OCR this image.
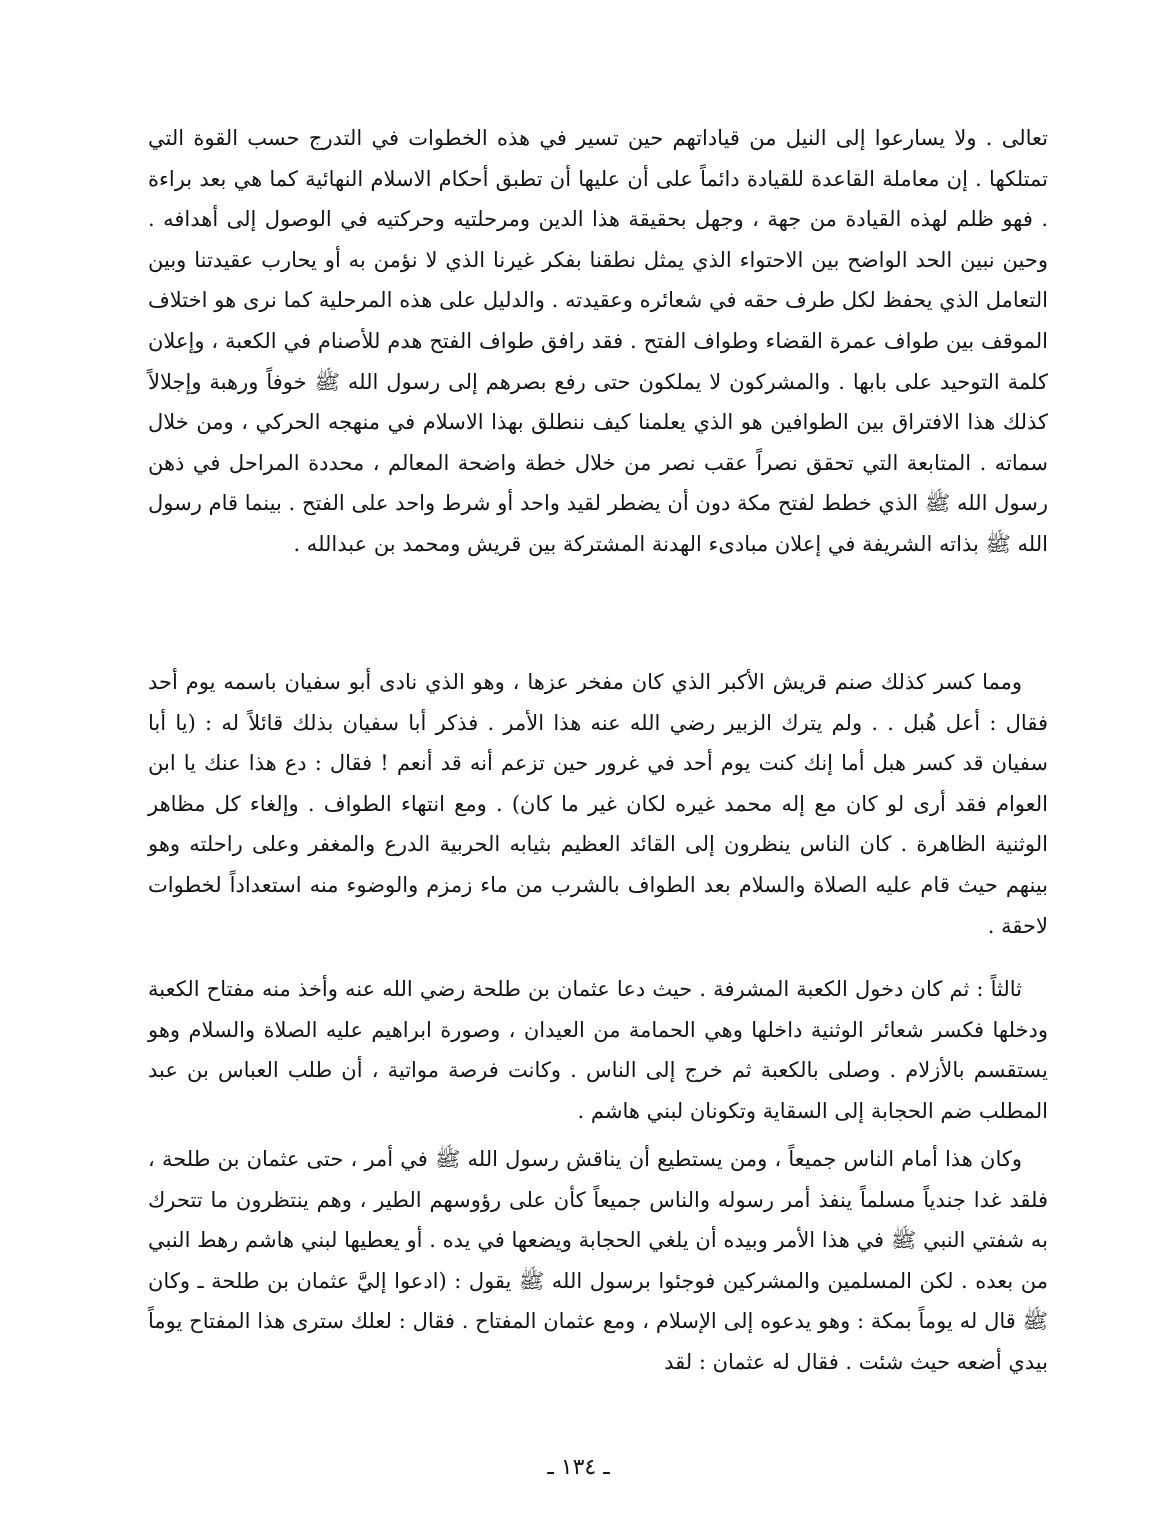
تعالى . ولا يسارعوا إلى النيل من قياداتهم حين تسير في هذه الخطوات في التدرج حسب القوة التي تمتلكها . إن معاملة القاعدة للقيادة دائماً على أن عليها أن تطبق أحكام الاسلام النهائية كما هي بعد براءة . فهو ظلم لهذه القيادة من جهة ، وجهل بحقيقة هذا الدين ومرحلتيه وحركتيه في الوصول إلى أهدافه . وحين نبين الحد الواضح بين الاحتواء الذي يمثل نطقنا بفكر غيرنا الذي لا نؤمن به أو يحارب عقيدتنا وبين التعامل الذي يحفظ لكل طرف حقه في شعائره وعقيدته . والدليل على هذه المرحلية كما نرى هو اختلاف الموقف بين طواف عمرة القضاء وطواف الفتح . فقد رافق طواف الفتح هدم للأصنام في الكعبة ، وإعلان كلمة التوحيد على بابها . والمشركون لا يملكون حتى رفع بصرهم إلى رسول الله ﷺ خوفاً ورهبة وإجلالاً كذلك هذا الافتراق بين الطوافين هو الذي يعلمنا كيف ننطلق بهذا الاسلام في منهجه الحركي ، ومن خلال سماته . المتابعة التي تحقق نصراً عقب نصر من خلال خطة واضحة المعالم ، محددة المراحل في ذهن رسول الله ﷺ الذي خطط لفتح مكة دون أن يضطر لقيد واحد أو شرط واحد على الفتح . بينما قام رسول الله ﷺ بذاته الشريفة في إعلان مبادىء الهدنة المشتركة بين قريش ومحمد بن عبدالله .
ومما كسر كذلك صنم قريش الأكبر الذي كان مفخر عزها ، وهو الذي نادى أبو سفيان باسمه يوم أحد فقال : أعل هُبل . . ولم يترك الزبير رضي الله عنه هذا الأمر . فذكر أبا سفيان بذلك قائلاً له : (يا أبا سفيان قد كسر هبل أما إنك كنت يوم أحد في غرور حين تزعم أنه قد أنعم ! فقال : دع هذا عنك يا ابن العوام فقد أرى لو كان مع إله محمد غيره لكان غير ما كان) . ومع انتهاء الطواف . وإلغاء كل مظاهر الوثنية الظاهرة . كان الناس ينظرون إلى القائد العظيم بثيابه الحربية الدرع والمغفر وعلى راحلته وهو بينهم حيث قام عليه الصلاة والسلام بعد الطواف بالشرب من ماء زمزم والوضوء منه استعداداً لخطوات لاحقة .
ثالثاً : ثم كان دخول الكعبة المشرفة . حيث دعا عثمان بن طلحة رضي الله عنه وأخذ منه مفتاح الكعبة ودخلها فكسر شعائر الوثنية داخلها وهي الحمامة من العيدان ، وصورة ابراهيم عليه الصلاة والسلام وهو يستقسم بالأزلام . وصلى بالكعبة ثم خرج إلى الناس . وكانت فرصة مواتية ، أن طلب العباس بن عبد المطلب ضم الحجابة إلى السقاية وتكونان لبني هاشم .
وكان هذا أمام الناس جميعاً ، ومن يستطيع أن يناقش رسول الله ﷺ في أمر ، حتى عثمان بن طلحة ، فلقد غدا جندياً مسلماً ينفذ أمر رسوله والناس جميعاً كأن على رؤوسهم الطير ، وهم ينتظرون ما تتحرك به شفتي النبي ﷺ في هذا الأمر وبيده أن يلغي الحجابة ويضعها في يده . أو يعطيها لبني هاشم رهط النبي من بعده . لكن المسلمين والمشركين فوجئوا برسول الله ﷺ يقول : (ادعوا إليَّ عثمان بن طلحة ـ وكان ﷺ قال له يوماً بمكة : وهو يدعوه إلى الإسلام ، ومع عثمان المفتاح . فقال : لعلك سترى هذا المفتاح يوماً بيدي أضعه حيث شئت . فقال له عثمان : لقد
ـ ١٣٤ ـ
